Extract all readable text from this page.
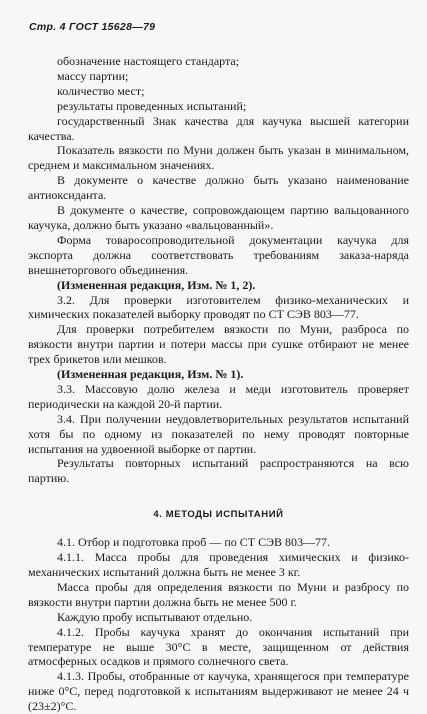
Стр. 4 ГОСТ 15628—79

обозначение настоящего стандарта;

массу партии;

количество мест;

результаты проведенных испытаний;

государственный Знак качества для каучука высшей категории качества.

Показатель вязкости по Муни должен быть указан в минимальном, среднем и максимальном значениях.

В документе о качестве должно быть указано наименование антиоксиданта.

В документе о качестве, сопровождающем партию вальцованного каучука, должно быть указано «вальцованный».

Форма товаросопроводительной документации каучука для экспорта должна соответствовать требованиям заказа-наряда внешнеторгового объединения.

(Измененная редакция, Изм. № 1, 2).

3.2. Для проверки изготовителем физико-механических и химических показателей выборку проводят по СТ СЭВ 803—77.

Для проверки потребителем вязкости по Муни, разброса по вязкости внутри партии и потери массы при сушке отбирают не менее трех брикетов или мешков.

(Измененная редакция, Изм. № 1).

3.3. Массовую долю железа и меди изготовитель проверяет периодически на каждой 20-й партии.

3.4. При получении неудовлетворительных результатов испытаний хотя бы по одному из показателей по нему проводят повторные испытания на удвоенной выборке от партии.

Результаты повторных испытаний распространяются на всю партию.

4. МЕТОДЫ ИСПЫТАНИЙ

4.1. Отбор и подготовка проб — по СТ СЭВ 803—77.

4.1.1. Масса пробы для проведения химических и физико-механических испытаний должна быть не менее 3 кг.

Масса пробы для определения вязкости по Муни и разбросу по вязкости внутри партии должна быть не менее 500 г.

Каждую пробу испытывают отдельно.

4.1.2. Пробы каучука хранят до окончания испытаний при температуре не выше 30°С в месте, защищенном от действия атмосферных осадков и прямого солнечного света.

4.1.3. Пробы, отобранные от каучука, хранящегося при температуре ниже 0°С, перед подготовкой к испытаниям выдерживают не менее 24 ч (23±2)°С.
